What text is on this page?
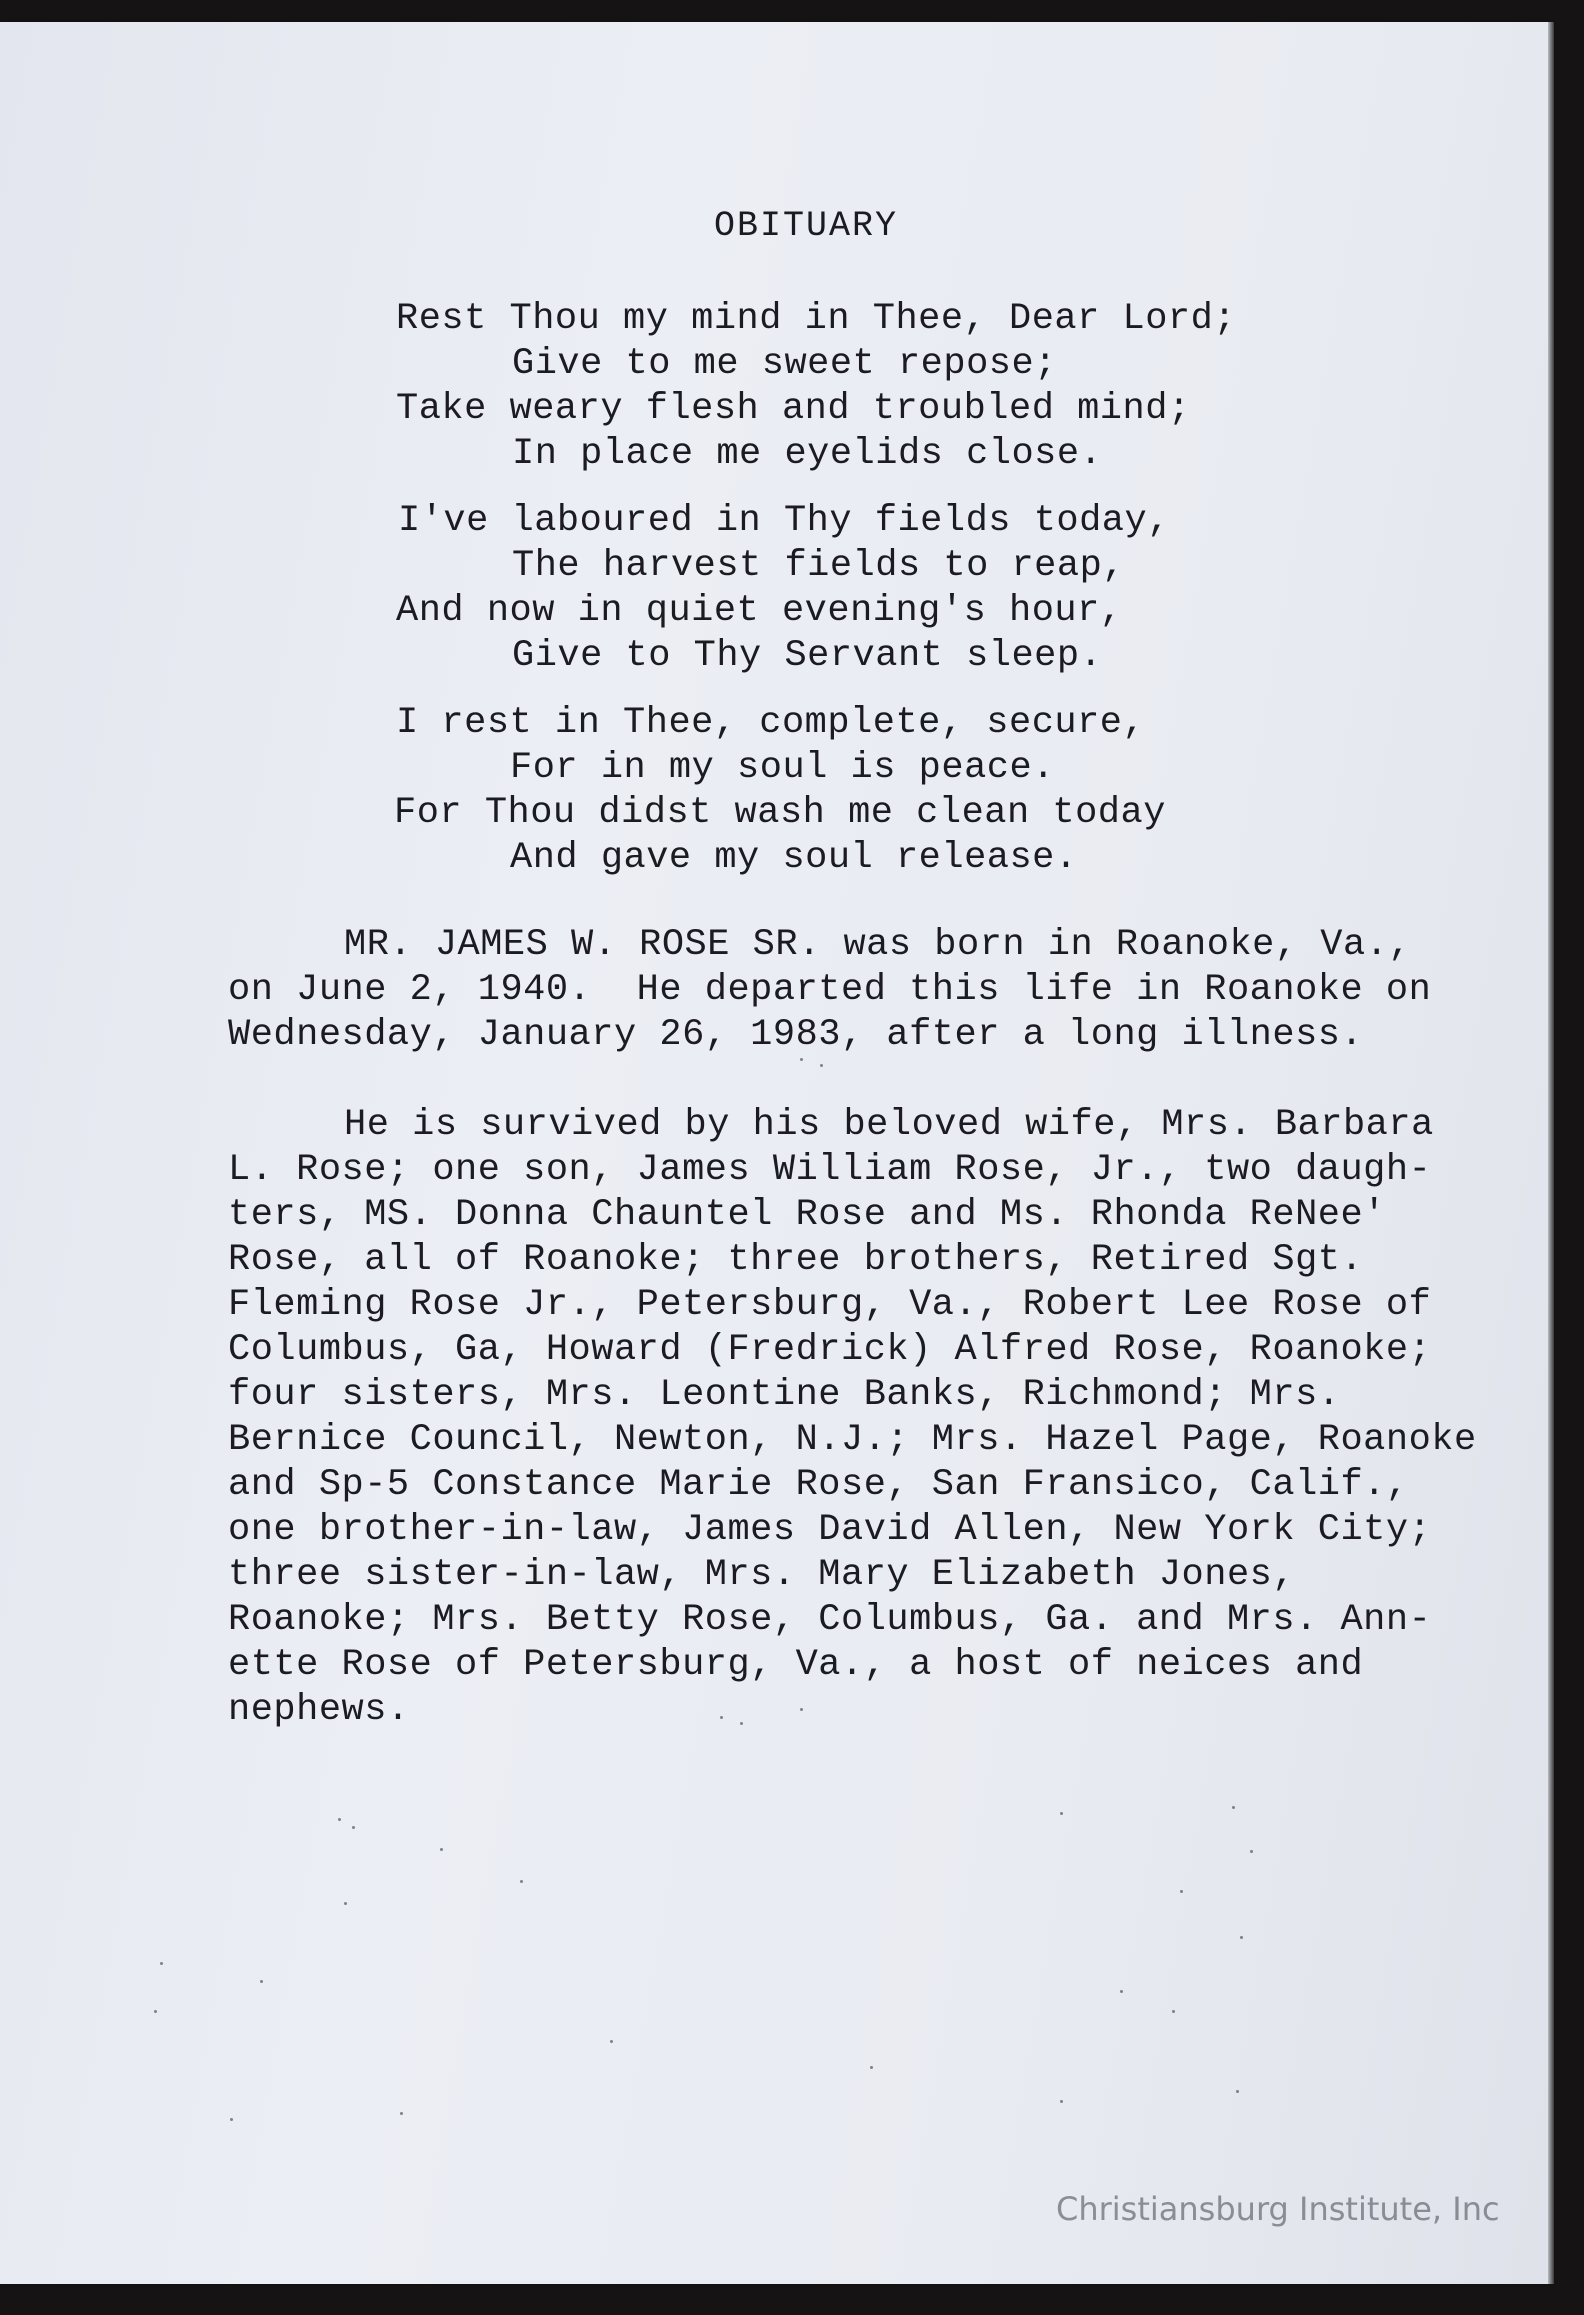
OBITUARY
Rest Thou my mind in Thee, Dear Lord;
Give to me sweet repose;
Take weary flesh and troubled mind;
In place me eyelids close.
I've laboured in Thy fields today,
The harvest fields to reap,
And now in quiet evening's hour,
Give to Thy Servant sleep.
I rest in Thee, complete, secure,
For in my soul is peace.
For Thou didst wash me clean today
And gave my soul release.
MR. JAMES W. ROSE SR. was born in Roanoke, Va.,
on June 2, 1940.  He departed this life in Roanoke on
Wednesday, January 26, 1983, after a long illness.
He is survived by his beloved wife, Mrs. Barbara
L. Rose; one son, James William Rose, Jr., two daugh-
ters, MS. Donna Chauntel Rose and Ms. Rhonda ReNee'
Rose, all of Roanoke; three brothers, Retired Sgt.
Fleming Rose Jr., Petersburg, Va., Robert Lee Rose of
Columbus, Ga, Howard (Fredrick) Alfred Rose, Roanoke;
four sisters, Mrs. Leontine Banks, Richmond; Mrs.
Bernice Council, Newton, N.J.; Mrs. Hazel Page, Roanoke
and Sp-5 Constance Marie Rose, San Fransico, Calif.,
one brother-in-law, James David Allen, New York City;
three sister-in-law, Mrs. Mary Elizabeth Jones,
Roanoke; Mrs. Betty Rose, Columbus, Ga. and Mrs. Ann-
ette Rose of Petersburg, Va., a host of neices and
nephews.
Christiansburg Institute, Inc
